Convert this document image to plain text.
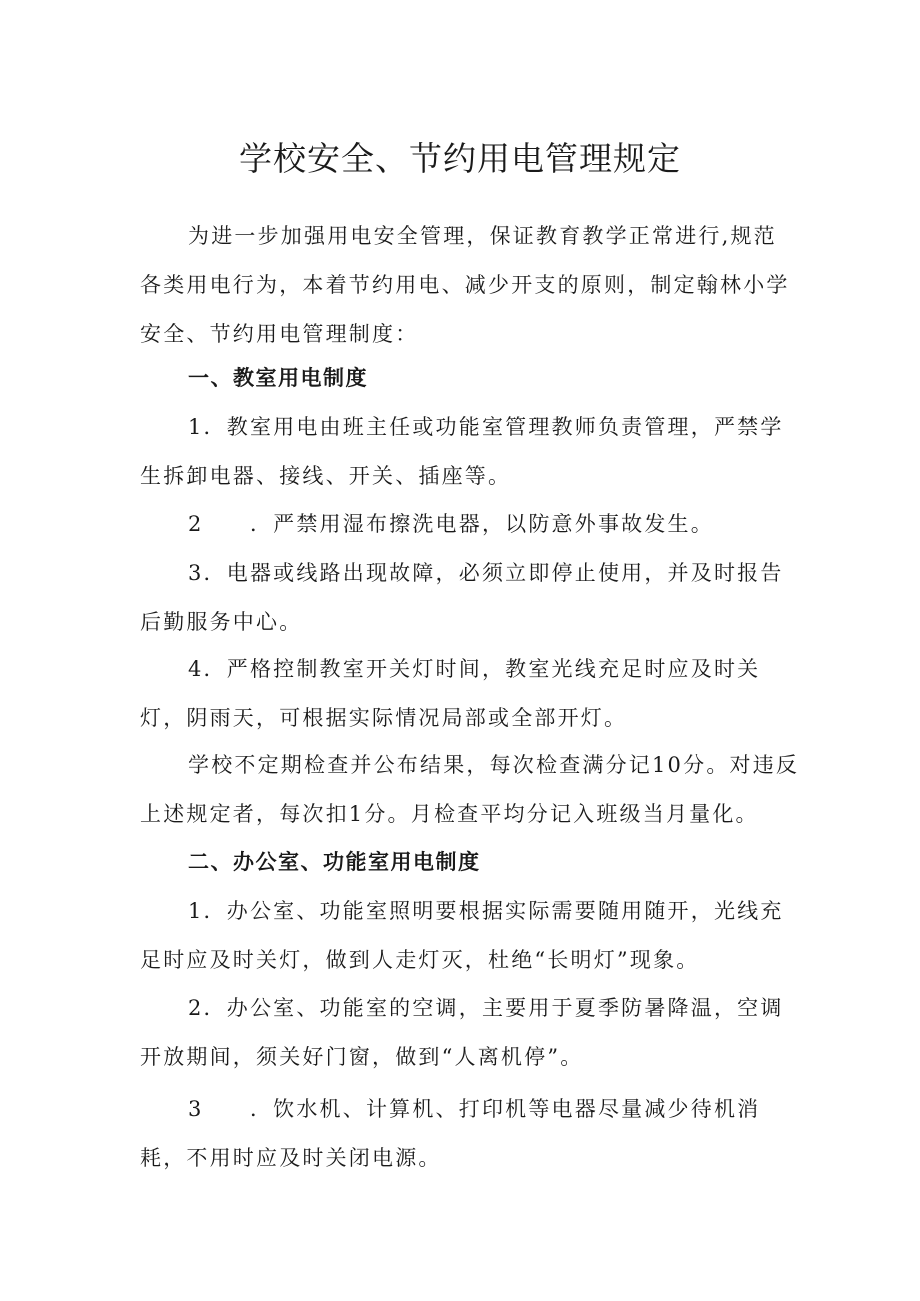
学校安全、节约用电管理规定

为进一步加强用电安全管理，保证教育教学正常进行,规范各类用电行为，本着节约用电、减少开支的原则，制定翰林小学安全、节约用电管理制度：

一、教室用电制度

1．教室用电由班主任或功能室管理教师负责管理，严禁学生拆卸电器、接线、开关、插座等。

2　　．严禁用湿布擦洗电器，以防意外事故发生。

3．电器或线路出现故障，必须立即停止使用，并及时报告后勤服务中心。

4．严格控制教室开关灯时间，教室光线充足时应及时关灯，阴雨天，可根据实际情况局部或全部开灯。

学校不定期检查并公布结果，每次检查满分记10分。对违反上述规定者，每次扣1分。月检查平均分记入班级当月量化。

二、办公室、功能室用电制度

1．办公室、功能室照明要根据实际需要随用随开，光线充足时应及时关灯，做到人走灯灭，杜绝“长明灯”现象。

2．办公室、功能室的空调，主要用于夏季防暑降温，空调开放期间，须关好门窗，做到“人离机停”。

3　　．饮水机、计算机、打印机等电器尽量减少待机消耗，不用时应及时关闭电源。
